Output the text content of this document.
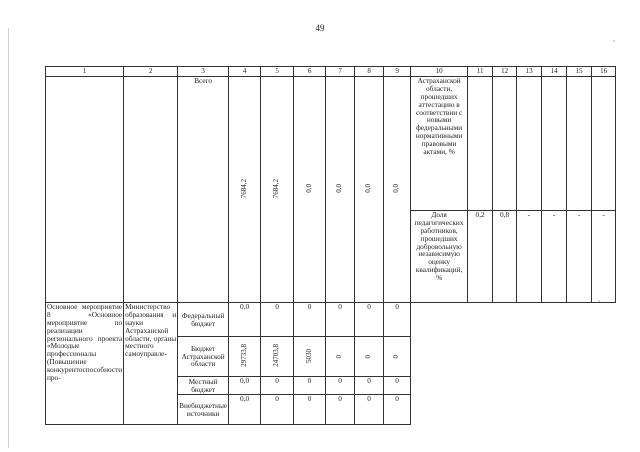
49
1	2	3	4	5	6	7	8	9	10	11	12	13	14	15	16
		Всего	7684,2	7684,2	0,0	0,0	0,0	0,0	Астраханской области, прошедших аттестацию в соответствии с новыми федеральными нормативными правовыми актами, %						
									Доля педагогических работников, прошедших добровольную независимую оценку квалификаций, %	0,2	0,8	-	-	-	-
Основное мероприятие 8 «Основное мероприятие по реализации регионального проекта «Молодые профессионалы (Повышение конкурентоспособности про-	Министерство образования и науки Астраханской области, органы местного самоуправле-	Федеральный бюджет	0,0	0	0	0	0	0							
		Бюджет Астраханской области	29733,8	24703,8	5030	0	0	0							
		Местный бюджет	0,0	0	0	0	0	0							
		Внебюджетные источники	0,0	0	0	0	0	0							
